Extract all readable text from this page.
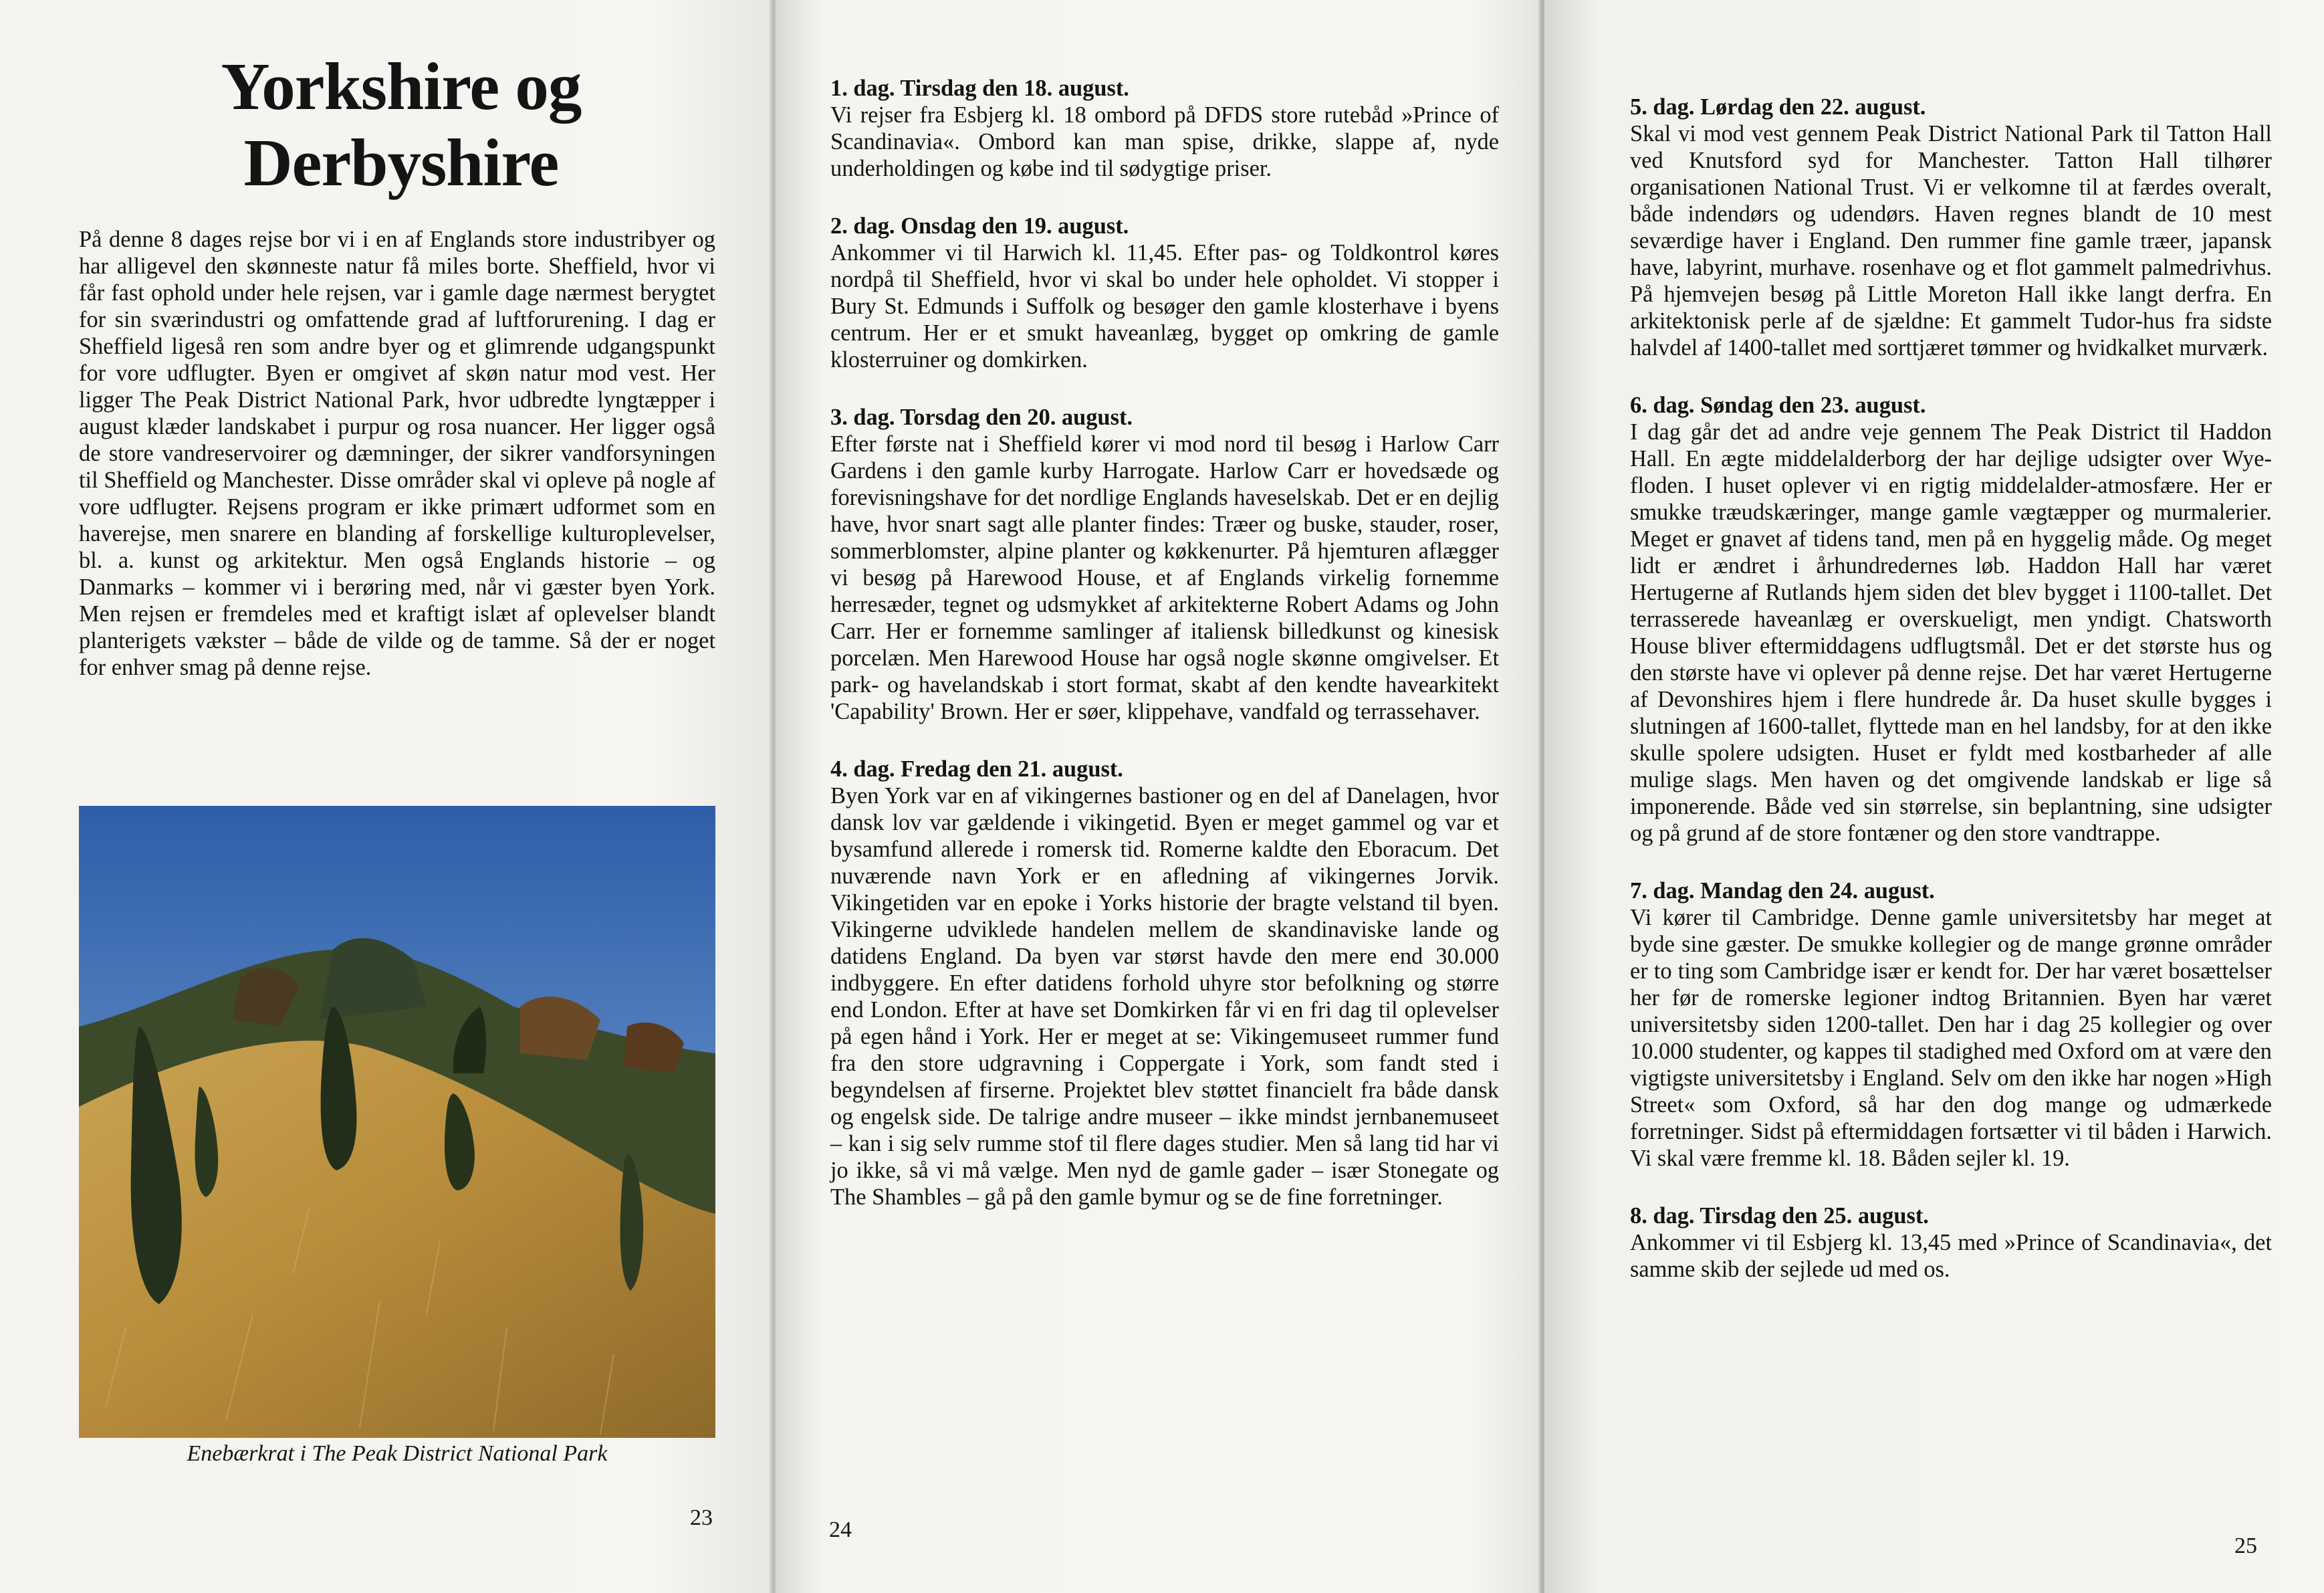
Yorkshire og
Derbyshire

På denne 8 dages rejse bor vi i en af Englands store industribyer og har alligevel den skønneste natur få miles borte. Sheffield, hvor vi får fast ophold under hele rejsen, var i gamle dage nærmest berygtet for sin sværindustri og omfattende grad af luftforurening. I dag er Sheffield ligeså ren som andre byer og et glimrende udgangspunkt for vore udflugter. Byen er omgivet af skøn natur mod vest. Her ligger The Peak District National Park, hvor udbredte lyngtæpper i august klæder landskabet i purpur og rosa nuancer. Her ligger også de store vandreservoirer og dæmninger, der sikrer vandforsyningen til Sheffield og Manchester. Disse områder skal vi opleve på nogle af vore udflugter. Rejsens program er ikke primært udformet som en haverejse, men snarere en blanding af forskellige kulturoplevelser, bl. a. kunst og arkitektur. Men også Englands historie – og Danmarks – kommer vi i berøring med, når vi gæster byen York. Men rejsen er fremdeles med et kraftigt islæt af oplevelser blandt planterigets vækster – både de vilde og de tamme. Så der er noget for enhver smag på denne rejse.

Enebærkrat i The Peak District National Park

23
1. dag. Tirsdag den 18. august.

Vi rejser fra Esbjerg kl. 18 ombord på DFDS store rutebåd »Prince of Scandinavia«. Ombord kan man spise, drikke, slappe af, nyde underholdingen og købe ind til sødygtige priser.

2. dag. Onsdag den 19. august.

Ankommer vi til Harwich kl. 11,45. Efter pas- og Toldkontrol køres nordpå til Sheffield, hvor vi skal bo under hele opholdet. Vi stopper i Bury St. Edmunds i Suffolk og besøger den gamle klosterhave i byens centrum. Her er et smukt haveanlæg, bygget op omkring de gamle klosterruiner og domkirken.

3. dag. Torsdag den 20. august.

Efter første nat i Sheffield kører vi mod nord til besøg i Harlow Carr Gardens i den gamle kurby Harrogate. Harlow Carr er hovedsæde og forevisningshave for det nordlige Englands haveselskab. Det er en dejlig have, hvor snart sagt alle planter findes: Træer og buske, stauder, roser, sommerblomster, alpine planter og køkkenurter. På hjemturen aflægger vi besøg på Harewood House, et af Englands virkelig fornemme herresæder, tegnet og udsmykket af arkitekterne Robert Adams og John Carr. Her er fornemme samlinger af italiensk billedkunst og kinesisk porcelæn. Men Harewood House har også nogle skønne omgivelser. Et park- og havelandskab i stort format, skabt af den kendte havearkitekt 'Capability' Brown. Her er søer, klippehave, vandfald og terrassehaver.

4. dag. Fredag den 21. august.

Byen York var en af vikingernes bastioner og en del af Danelagen, hvor dansk lov var gældende i vikingetid. Byen er meget gammel og var et bysamfund allerede i romersk tid. Romerne kaldte den Eboracum. Det nuværende navn York er en afledning af vikingernes Jorvik. Vikingetiden var en epoke i Yorks historie der bragte velstand til byen. Vikingerne udviklede handelen mellem de skandinaviske lande og datidens England. Da byen var størst havde den mere end 30.000 indbyggere. En efter datidens forhold uhyre stor befolkning og større end London. Efter at have set Domkirken får vi en fri dag til oplevelser på egen hånd i York. Her er meget at se: Vikingemuseet rummer fund fra den store udgravning i Coppergate i York, som fandt sted i begyndelsen af firserne. Projektet blev støttet financielt fra både dansk og engelsk side. De talrige andre museer – ikke mindst jernbanemuseet – kan i sig selv rumme stof til flere dages studier. Men så lang tid har vi jo ikke, så vi må vælge. Men nyd de gamle gader – især Stonegate og The Shambles – gå på den gamle bymur og se de fine forretninger.

24
5. dag. Lørdag den 22. august.

Skal vi mod vest gennem Peak District National Park til Tatton Hall ved Knutsford syd for Manchester. Tatton Hall tilhører organisationen National Trust. Vi er velkomne til at færdes overalt, både indendørs og udendørs. Haven regnes blandt de 10 mest seværdige haver i England. Den rummer fine gamle træer, japansk have, labyrint, murhave. rosenhave og et flot gammelt palmedrivhus. På hjemvejen besøg på Little Moreton Hall ikke langt derfra. En arkitektonisk perle af de sjældne: Et gammelt Tudor-hus fra sidste halvdel af 1400-tallet med sorttjæret tømmer og hvidkalket murværk.

6. dag. Søndag den 23. august.

I dag går det ad andre veje gennem The Peak District til Haddon Hall. En ægte middelalderborg der har dejlige udsigter over Wye-floden. I huset oplever vi en rigtig middelalder-atmosfære. Her er smukke træudskæringer, mange gamle vægtæpper og murmalerier. Meget er gnavet af tidens tand, men på en hyggelig måde. Og meget lidt er ændret i århundredernes løb. Haddon Hall har været Hertugerne af Rutlands hjem siden det blev bygget i 1100-tallet. Det terrasserede haveanlæg er overskueligt, men yndigt. Chatsworth House bliver eftermiddagens udflugtsmål. Det er det største hus og den største have vi oplever på denne rejse. Det har været Hertugerne af Devonshires hjem i flere hundrede år. Da huset skulle bygges i slutningen af 1600-tallet, flyttede man en hel landsby, for at den ikke skulle spolere udsigten. Huset er fyldt med kostbarheder af alle mulige slags. Men haven og det omgivende landskab er lige så imponerende. Både ved sin størrelse, sin beplantning, sine udsigter og på grund af de store fontæner og den store vandtrappe.

7. dag. Mandag den 24. august.

Vi kører til Cambridge. Denne gamle universitetsby har meget at byde sine gæster. De smukke kollegier og de mange grønne områder er to ting som Cambridge især er kendt for. Der har været bosættelser her før de romerske legioner indtog Britannien. Byen har været universitetsby siden 1200-tallet. Den har i dag 25 kollegier og over 10.000 studenter, og kappes til stadighed med Oxford om at være den vigtigste universitetsby i England. Selv om den ikke har nogen »High Street« som Oxford, så har den dog mange og udmærkede forretninger. Sidst på eftermiddagen fortsætter vi til båden i Harwich. Vi skal være fremme kl. 18. Båden sejler kl. 19.

8. dag. Tirsdag den 25. august.

Ankommer vi til Esbjerg kl. 13,45 med »Prince of Scandinavia«, det samme skib der sejlede ud med os.

25
